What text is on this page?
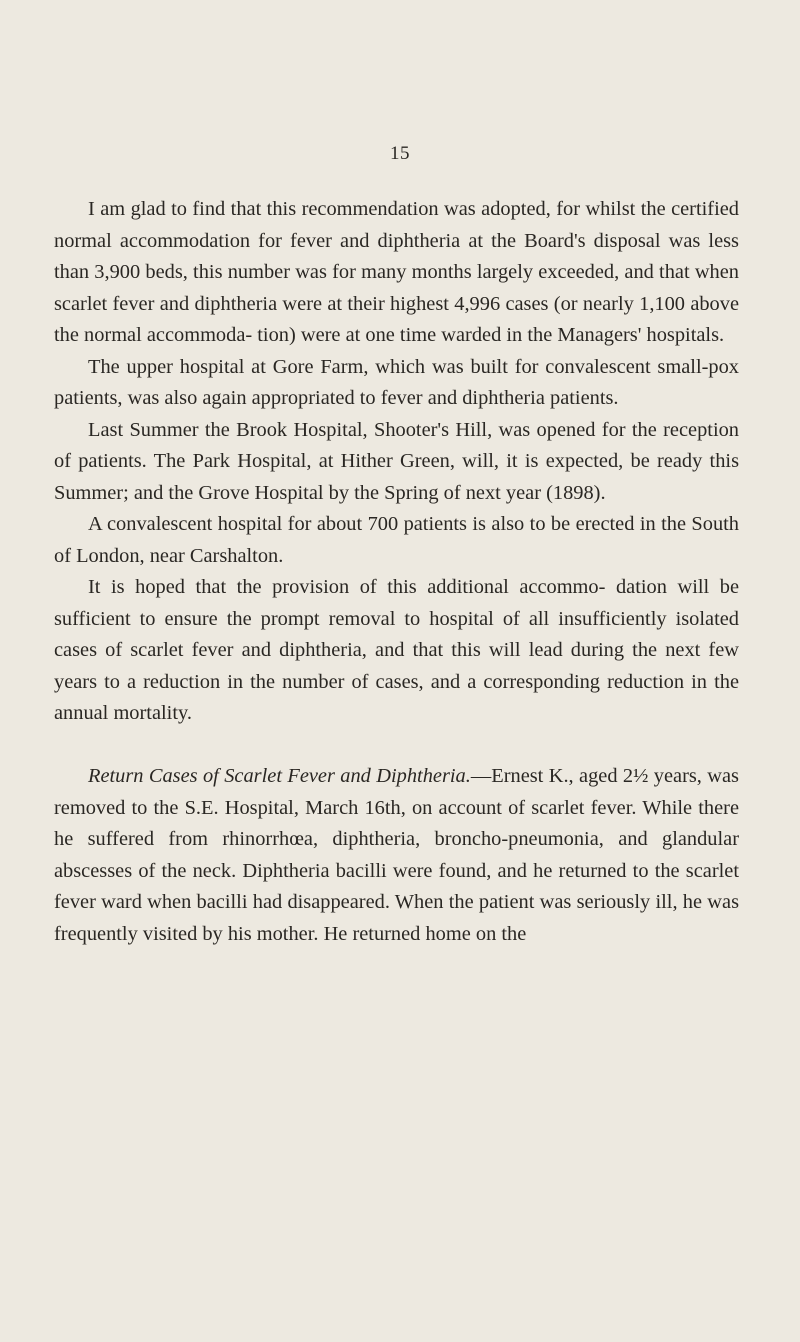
15

I am glad to find that this recommendation was adopted, for whilst the certified normal accommodation for fever and diphtheria at the Board's disposal was less than 3,900 beds, this number was for many months largely exceeded, and that when scarlet fever and diphtheria were at their highest 4,996 cases (or nearly 1,100 above the normal accommoda- tion) were at one time warded in the Managers' hospitals.

The upper hospital at Gore Farm, which was built for convalescent small-pox patients, was also again appropriated to fever and diphtheria patients.

Last Summer the Brook Hospital, Shooter's Hill, was opened for the reception of patients. The Park Hospital, at Hither Green, will, it is expected, be ready this Summer; and the Grove Hospital by the Spring of next year (1898).

A convalescent hospital for about 700 patients is also to be erected in the South of London, near Carshalton.

It is hoped that the provision of this additional accommo- dation will be sufficient to ensure the prompt removal to hospital of all insufficiently isolated cases of scarlet fever and diphtheria, and that this will lead during the next few years to a reduction in the number of cases, and a corresponding reduction in the annual mortality.

Return Cases of Scarlet Fever and Diphtheria.—Ernest K., aged 2½ years, was removed to the S.E. Hospital, March 16th, on account of scarlet fever. While there he suffered from rhinorrhœa, diphtheria, broncho-pneumonia, and glandular abscesses of the neck. Diphtheria bacilli were found, and he returned to the scarlet fever ward when bacilli had disappeared. When the patient was seriously ill, he was frequently visited by his mother. He returned home on the
